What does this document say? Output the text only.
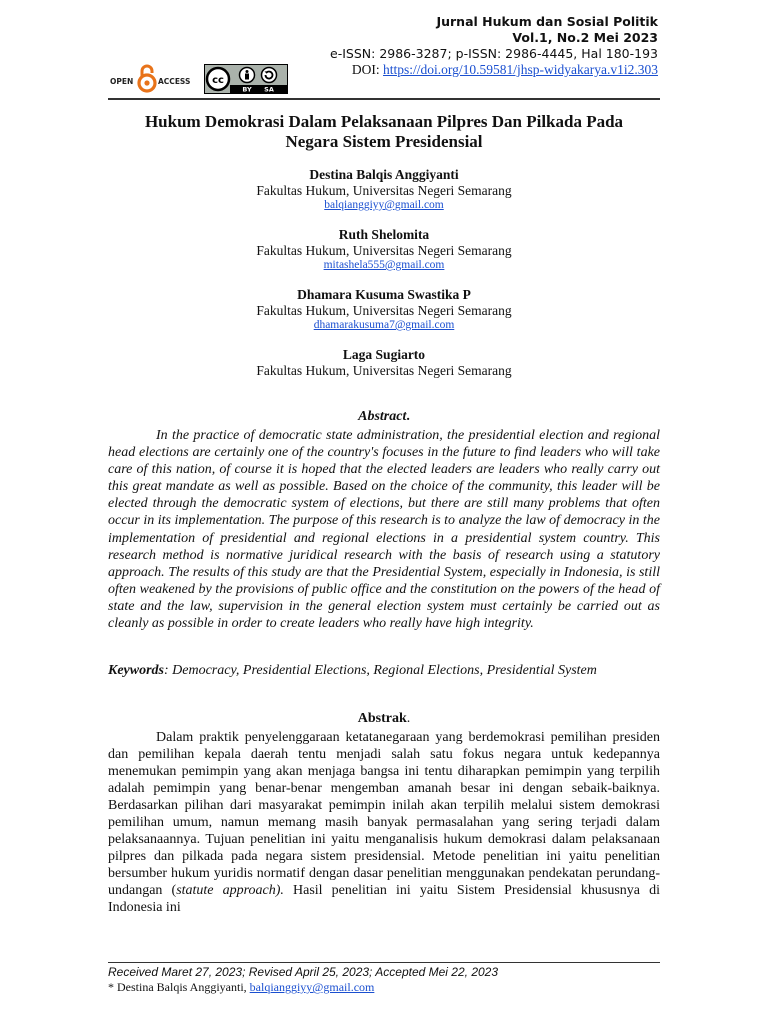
Jurnal Hukum dan Sosial Politik
Vol.1, No.2 Mei 2023
e-ISSN: 2986-3287; p-ISSN: 2986-4445, Hal 180-193
DOI: https://doi.org/10.59581/jhsp-widyakarya.v1i2.303
OPEN	ACCESS cc
BY SA
Hukum Demokrasi Dalam Pelaksanaan Pilpres Dan Pilkada Pada
Negara Sistem Presidensial
Destina Balqis Anggiyanti
Fakultas Hukum, Universitas Negeri Semarang
balqianggiyy@gmail.com
Ruth Shelomita
Fakultas Hukum, Universitas Negeri Semarang
mitashela555@gmail.com
Dhamara Kusuma Swastika P
Fakultas Hukum, Universitas Negeri Semarang
dhamarakusuma7@gmail.com
Laga Sugiarto
Fakultas Hukum, Universitas Negeri Semarang
Abstract.
In the practice of democratic state administration, the presidential election and regional head elections are certainly one of the country's focuses in the future to find leaders who will take care of this nation, of course it is hoped that the elected leaders are leaders who really carry out this great mandate as well as possible. Based on the choice of the community, this leader will be elected through the democratic system of elections, but there are still many problems that often occur in its implementation. The purpose of this research is to analyze the law of democracy in the implementation of presidential and regional elections in a presidential system country. This research method is normative juridical research with the basis of research using a statutory approach. The results of this study are that the Presidential System, especially in Indonesia, is still often weakened by the provisions of public office and the constitution on the powers of the head of state and the law, supervision in the general election system must certainly be carried out as cleanly as possible in order to create leaders who really have high integrity.
Keywords: Democracy, Presidential Elections, Regional Elections, Presidential System
Abstrak.
Dalam praktik penyelenggaraan ketatanegaraan yang berdemokrasi pemilihan presiden dan pemilihan kepala daerah tentu menjadi salah satu fokus negara untuk kedepannya menemukan pemimpin yang akan menjaga bangsa ini tentu diharapkan pemimpin yang terpilih adalah pemimpin yang benar-benar mengemban amanah besar ini dengan sebaik-baiknya. Berdasarkan pilihan dari masyarakat pemimpin inilah akan terpilih melalui sistem demokrasi pemilihan umum, namun memang masih banyak permasalahan yang sering terjadi dalam pelaksanaannya. Tujuan penelitian ini yaitu menganalisis hukum demokrasi dalam pelaksanaan pilpres dan pilkada pada negara sistem presidensial. Metode penelitian ini yaitu penelitian bersumber hukum yuridis normatif dengan dasar penelitian menggunakan pendekatan perundang-undangan (statute approach). Hasil penelitian ini yaitu Sistem Presidensial khususnya di Indonesia ini
Received Maret 27, 2023; Revised April 25, 2023; Accepted Mei 22, 2023
* Destina Balqis Anggiyanti, balqianggiyy@gmail.com
